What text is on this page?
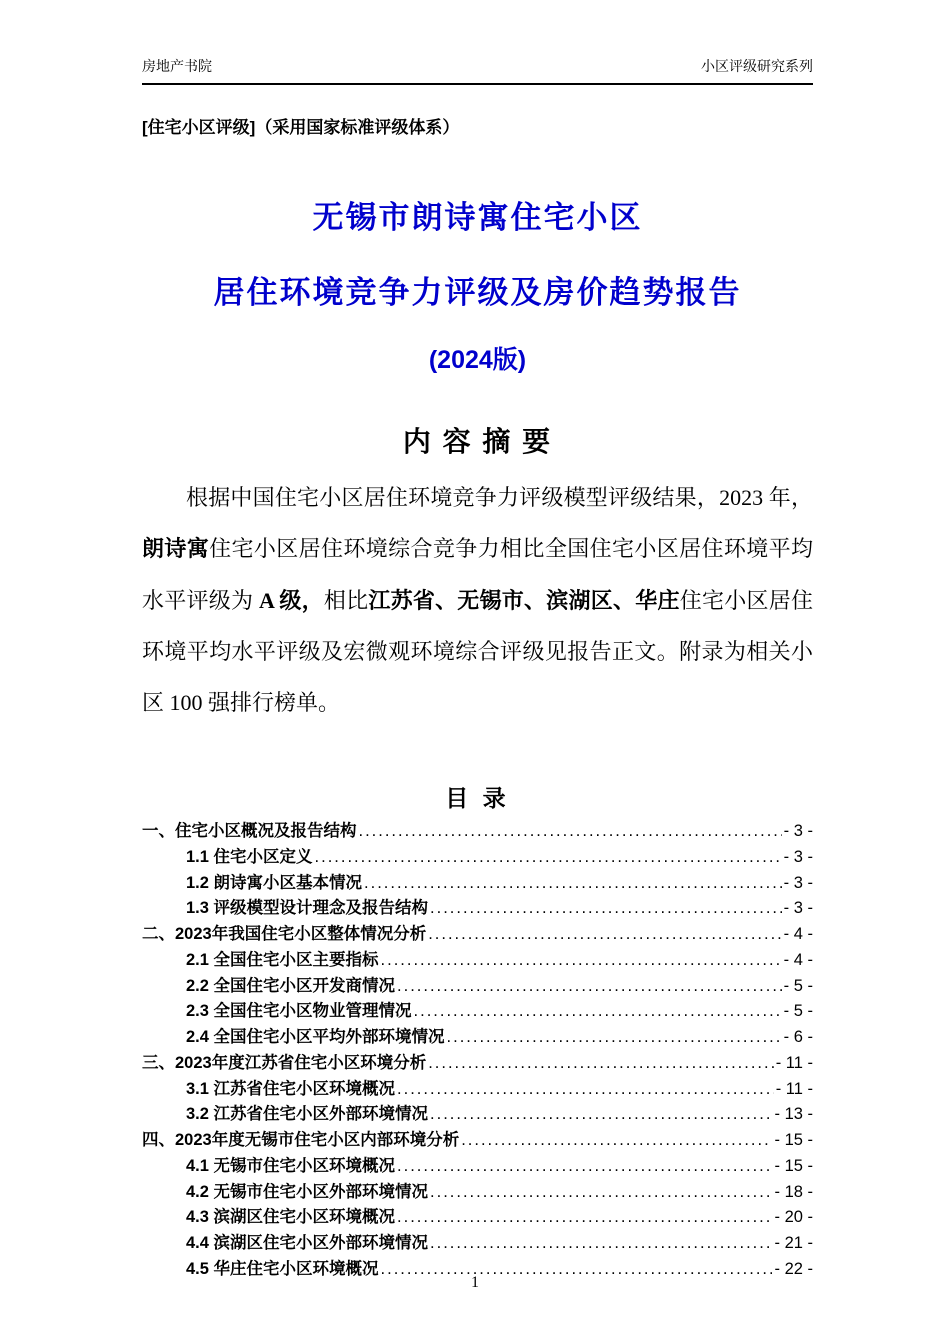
房地产书院	小区评级研究系列

[住宅小区评级]（采用国家标准评级体系）

无锡市朗诗寓住宅小区
居住环境竞争力评级及房价趋势报告
(2024版)
内 容 摘 要

根据中国住宅小区居住环境竞争力评级模型评级结果，2023 年，朗诗寓住宅小区居住环境综合竞争力相比全国住宅小区居住环境平均水平评级为 A 级，相比江苏省、无锡市、滨湖区、华庄住宅小区居住环境平均水平评级及宏微观环境综合评级见报告正文。附录为相关小区 100 强排行榜单。

目 录
一、住宅小区概况及报告结构 .....	- 3 -
1.1 住宅小区定义 .....	- 3 -
1.2 朗诗寓小区基本情况 .....	- 3 -
1.3 评级模型设计理念及报告结构 .....	- 3 -
二、2023年我国住宅小区整体情况分析 .....	- 4 -
2.1 全国住宅小区主要指标 .....	- 4 -
2.2 全国住宅小区开发商情况 .....	- 5 -
2.3 全国住宅小区物业管理情况 .....	- 5 -
2.4 全国住宅小区平均外部环境情况 .....	- 6 -
三、2023年度江苏省住宅小区环境分析 .....	- 11 -
3.1 江苏省住宅小区环境概况 .....	- 11 -
3.2 江苏省住宅小区外部环境情况 .....	- 13 -
四、2023年度无锡市住宅小区内部环境分析 .....	- 15 -
4.1 无锡市住宅小区环境概况 .....	- 15 -
4.2 无锡市住宅小区外部环境情况 .....	- 18 -
4.3 滨湖区住宅小区环境概况 .....	- 20 -
4.4 滨湖区住宅小区外部环境情况 .....	- 21 -
4.5 华庄住宅小区环境概况 .....	- 22 -
1
